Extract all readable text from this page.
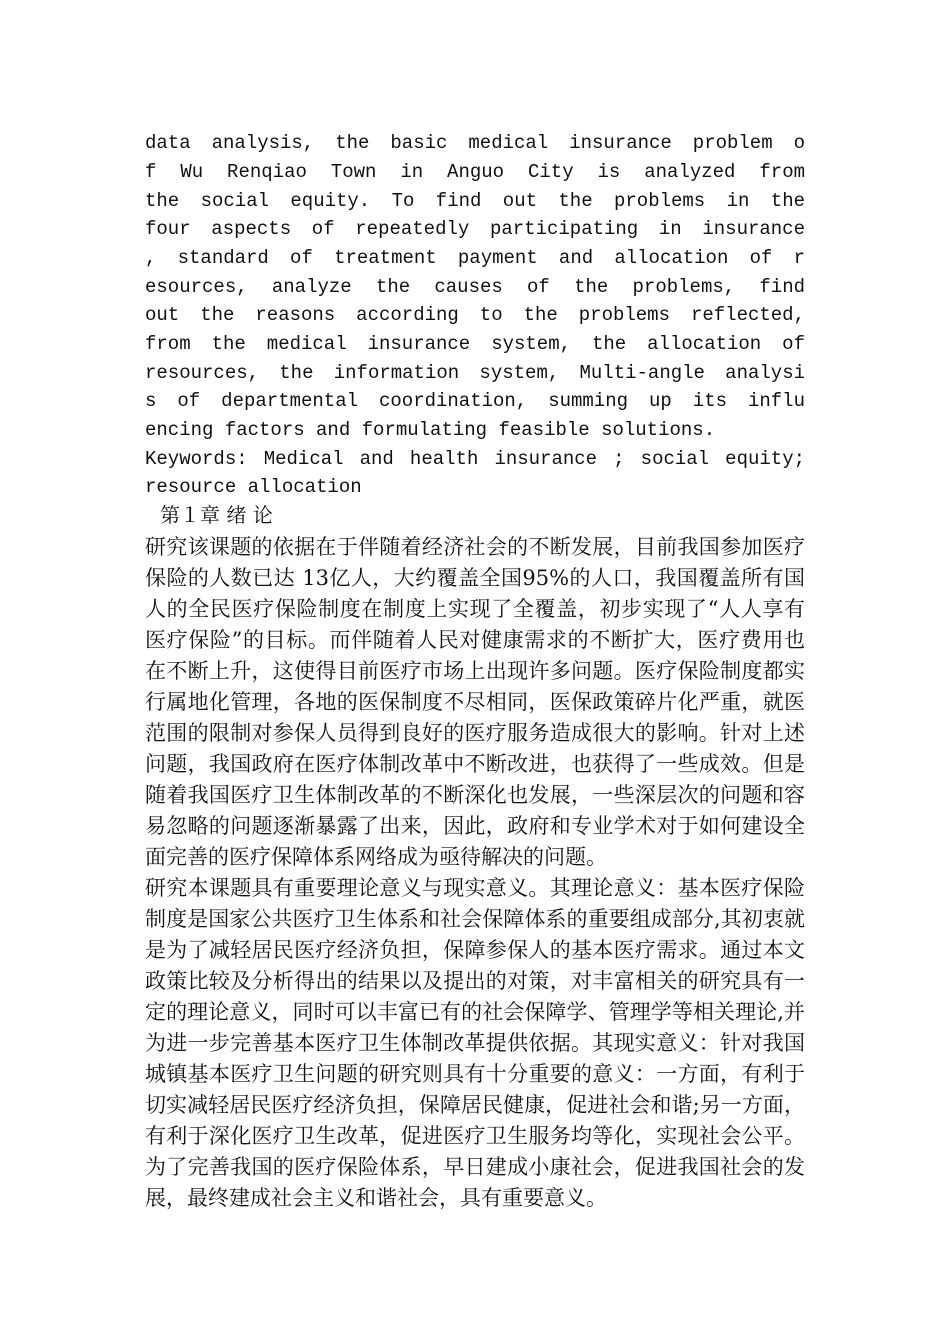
data analysis, the basic medical insurance problem o
f Wu Renqiao Town in Anguo City is analyzed from
the social equity. To find out the problems in the
four aspects of repeatedly participating in insurance
, standard of treatment payment and allocation of r
esources, analyze the causes of the problems, find
out the reasons according to the problems reflected,
from the medical insurance system, the allocation of
resources, the information system, Multi-angle analysi
s of departmental coordination, summing up its influ
encing factors and formulating feasible solutions.
Keywords: Medical and health insurance ; social equity;
resource allocation
第１章 绪 论

研究该课题的依据在于伴随着经济社会的不断发展，目前我国参加医疗保险的人数已达 13亿人，大约覆盖全国95%的人口，我国覆盖所有国人的全民医疗保险制度在制度上实现了全覆盖，初步实现了“人人享有医疗保险”的目标。而伴随着人民对健康需求的不断扩大，医疗费用也在不断上升，这使得目前医疗市场上出现许多问题。医疗保险制度都实行属地化管理，各地的医保制度不尽相同，医保政策碎片化严重，就医范围的限制对参保人员得到良好的医疗服务造成很大的影响。针对上述问题，我国政府在医疗体制改革中不断改进，也获得了一些成效。但是随着我国医疗卫生体制改革的不断深化也发展，一些深层次的问题和容易忽略的问题逐渐暴露了出来，因此，政府和专业学术对于如何建设全面完善的医疗保障体系网络成为亟待解决的问题。

研究本课题具有重要理论意义与现实意义。其理论意义：基本医疗保险制度是国家公共医疗卫生体系和社会保障体系的重要组成部分,其初衷就是为了减轻居民医疗经济负担，保障参保人的基本医疗需求。通过本文政策比较及分析得出的结果以及提出的对策，对丰富相关的研究具有一定的理论意义，同时可以丰富已有的社会保障学、管理学等相关理论,并为进一步完善基本医疗卫生体制改革提供依据。其现实意义：针对我国城镇基本医疗卫生问题的研究则具有十分重要的意义：一方面，有利于切实减轻居民医疗经济负担，保障居民健康，促进社会和谐;另一方面，有利于深化医疗卫生改革，促进医疗卫生服务均等化，实现社会公平。为了完善我国的医疗保险体系，早日建成小康社会，促进我国社会的发展，最终建成社会主义和谐社会，具有重要意义。
